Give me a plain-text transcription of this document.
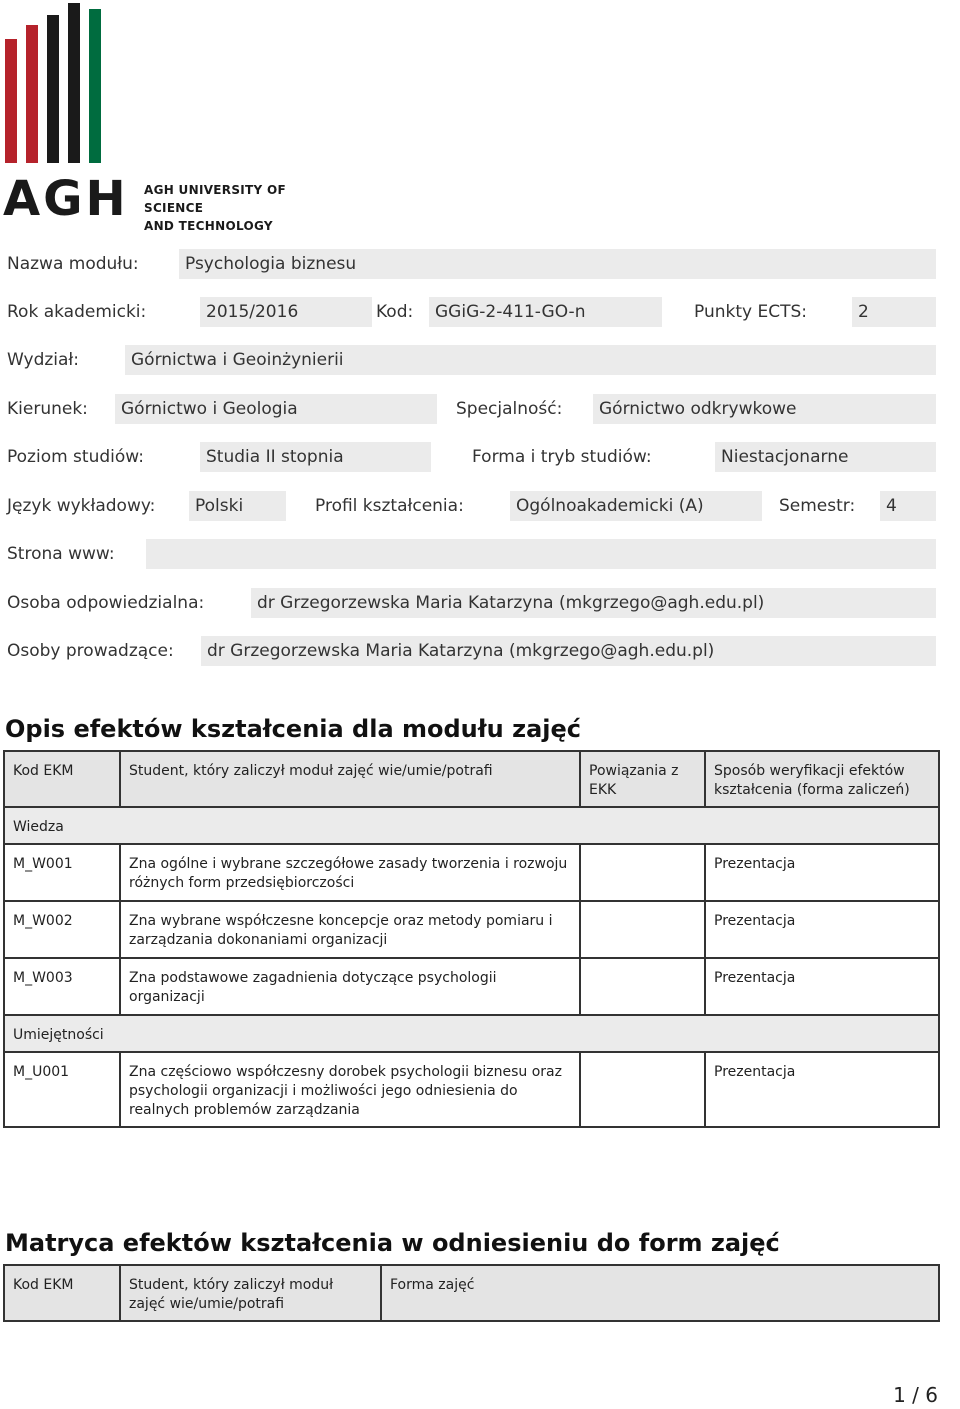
AGH AGH UNIVERSITY OF SCIENCE
AND TECHNOLOGY
Nazwa modułu:	Psychologia biznesu
Rok akademicki:	2015/2016	Kod:	GGiG-2-411-GO-n	Punkty ECTS:	2
Wydział:	Górnictwa i Geoinżynierii
Kierunek:	Górnictwo i Geologia	Specjalność:	Górnictwo odkrywkowe
Poziom studiów:	Studia II stopnia	Forma i tryb studiów:	Niestacjonarne
Język wykładowy:	Polski	Profil kształcenia:	Ogólnoakademicki (A)	Semestr:	4
Strona www:
Osoba odpowiedzialna:	dr Grzegorzewska Maria Katarzyna (mkgrzego@agh.edu.pl)
Osoby prowadzące:	dr Grzegorzewska Maria Katarzyna (mkgrzego@agh.edu.pl)
Opis efektów kształcenia dla modułu zajęć
Kod EKM	Student, który zaliczył moduł zajęć wie/umie/potrafi	Powiązania z EKK	Sposób weryfikacji efektów kształcenia (forma zaliczeń)
Wiedza			
M_W001	Zna ogólne i wybrane szczegółowe zasady tworzenia i rozwoju różnych form przedsiębiorczości		Prezentacja
M_W002	Zna wybrane współczesne koncepcje oraz metody pomiaru i zarządzania dokonaniami organizacji		Prezentacja
M_W003	Zna podstawowe zagadnienia dotyczące psychologii organizacji		Prezentacja
Umiejętności			
M_U001	Zna częściowo współczesny dorobek psychologii biznesu oraz psychologii organizacji i możliwości jego odniesienia do realnych problemów zarządzania		Prezentacja
Matryca efektów kształcenia w odniesieniu do form zajęć
Kod EKM	Student, który zaliczył moduł zajęć wie/umie/potrafi	Forma zajęć
1 / 6
